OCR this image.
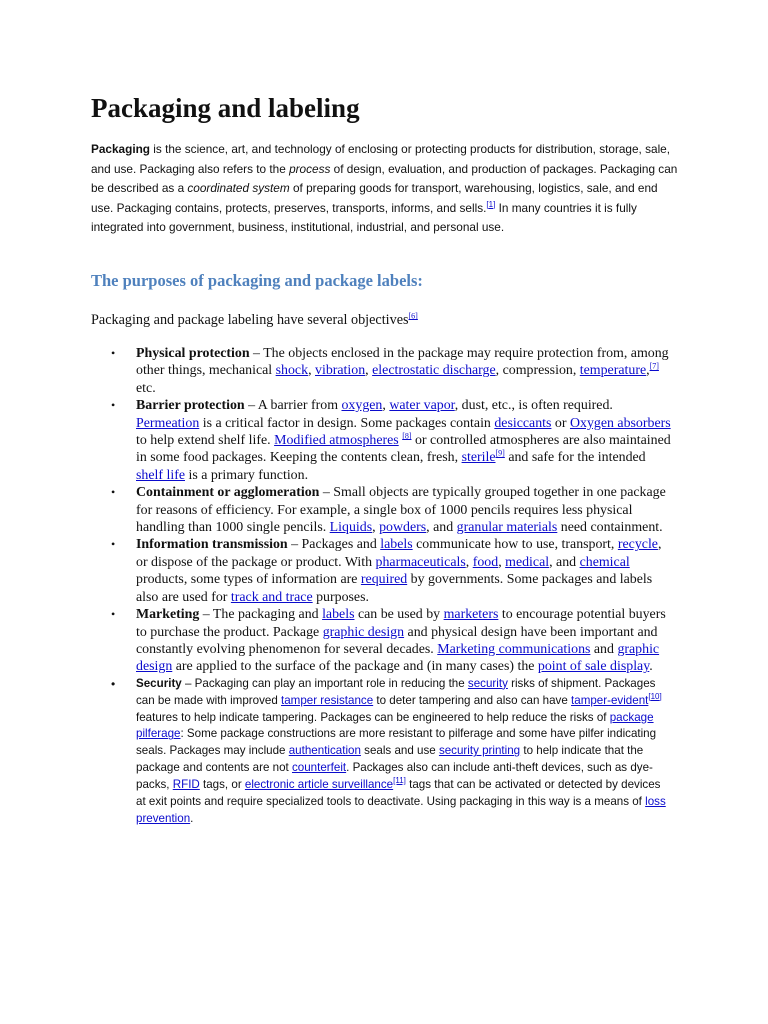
Packaging and labeling

Packaging is the science, art, and technology of enclosing or protecting products for distribution, storage, sale, and use. Packaging also refers to the process of design, evaluation, and production of packages. Packaging can be described as a coordinated system of preparing goods for transport, warehousing, logistics, sale, and end use. Packaging contains, protects, preserves, transports, informs, and sells.[1] In many countries it is fully integrated into government, business, institutional, industrial, and personal use.

The purposes of packaging and package labels:

Packaging and package labeling have several objectives[6]

• Physical protection – The objects enclosed in the package may require protection from, among other things, mechanical shock, vibration, electrostatic discharge, compression, temperature,[7] etc.
• Barrier protection – A barrier from oxygen, water vapor, dust, etc., is often required. Permeation is a critical factor in design. Some packages contain desiccants or Oxygen absorbers to help extend shelf life. Modified atmospheres [8] or controlled atmospheres are also maintained in some food packages. Keeping the contents clean, fresh, sterile[9] and safe for the intended shelf life is a primary function.
• Containment or agglomeration – Small objects are typically grouped together in one package for reasons of efficiency. For example, a single box of 1000 pencils requires less physical handling than 1000 single pencils. Liquids, powders, and granular materials need containment.
• Information transmission – Packages and labels communicate how to use, transport, recycle, or dispose of the package or product. With pharmaceuticals, food, medical, and chemical products, some types of information are required by governments. Some packages and labels also are used for track and trace purposes.
• Marketing – The packaging and labels can be used by marketers to encourage potential buyers to purchase the product. Package graphic design and physical design have been important and constantly evolving phenomenon for several decades. Marketing communications and graphic design are applied to the surface of the package and (in many cases) the point of sale display.
• Security – Packaging can play an important role in reducing the security risks of shipment. Packages can be made with improved tamper resistance to deter tampering and also can have tamper-evident[10] features to help indicate tampering. Packages can be engineered to help reduce the risks of package pilferage: Some package constructions are more resistant to pilferage and some have pilfer indicating seals. Packages may include authentication seals and use security printing to help indicate that the package and contents are not counterfeit. Packages also can include anti-theft devices, such as dye-packs, RFID tags, or electronic article surveillance[11] tags that can be activated or detected by devices at exit points and require specialized tools to deactivate. Using packaging in this way is a means of loss prevention.
